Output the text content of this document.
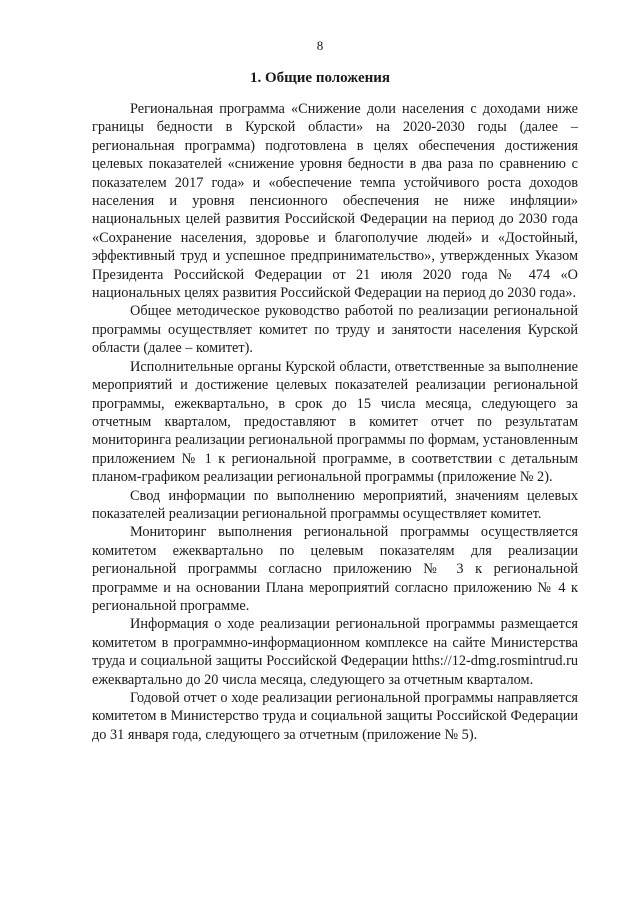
8
1. Общие положения

Региональная программа «Снижение доли населения с доходами ниже границы бедности в Курской области» на 2020-2030 годы (далее – региональная программа) подготовлена в целях обеспечения достижения целевых показателей «снижение уровня бедности в два раза по сравнению с показателем 2017 года» и «обеспечение темпа устойчивого роста доходов населения и уровня пенсионного обеспечения не ниже инфляции» национальных целей развития Российской Федерации на период до 2030 года «Сохранение населения, здоровье и благополучие людей» и «Достойный, эффективный труд и успешное предпринимательство», утвержденных Указом Президента Российской Федерации от 21 июля 2020 года № 474 «О национальных целях развития Российской Федерации на период до 2030 года».

Общее методическое руководство работой по реализации региональной программы осуществляет комитет по труду и занятости населения Курской области (далее – комитет).

Исполнительные органы Курской области, ответственные за выполнение мероприятий и достижение целевых показателей реализации региональной программы, ежеквартально, в срок до 15 числа месяца, следующего за отчетным кварталом, предоставляют в комитет отчет по результатам мониторинга реализации региональной программы по формам, установленным приложением № 1 к региональной программе, в соответствии с детальным планом-графиком реализации региональной программы (приложение № 2).

Свод информации по выполнению мероприятий, значениям целевых показателей реализации региональной программы осуществляет комитет.

Мониторинг выполнения региональной программы осуществляется комитетом ежеквартально по целевым показателям для реализации региональной программы согласно приложению № 3 к региональной программе и на основании Плана мероприятий согласно приложению № 4 к региональной программе.

Информация о ходе реализации региональной программы размещается комитетом в программно-информационном комплексе на сайте Министерства труда и социальной защиты Российской Федерации htths://12-dmg.rosmintrud.ru ежеквартально до 20 числа месяца, следующего за отчетным кварталом.

Годовой отчет о ходе реализации региональной программы направляется комитетом в Министерство труда и социальной защиты Российской Федерации до 31 января года, следующего за отчетным (приложение № 5).
